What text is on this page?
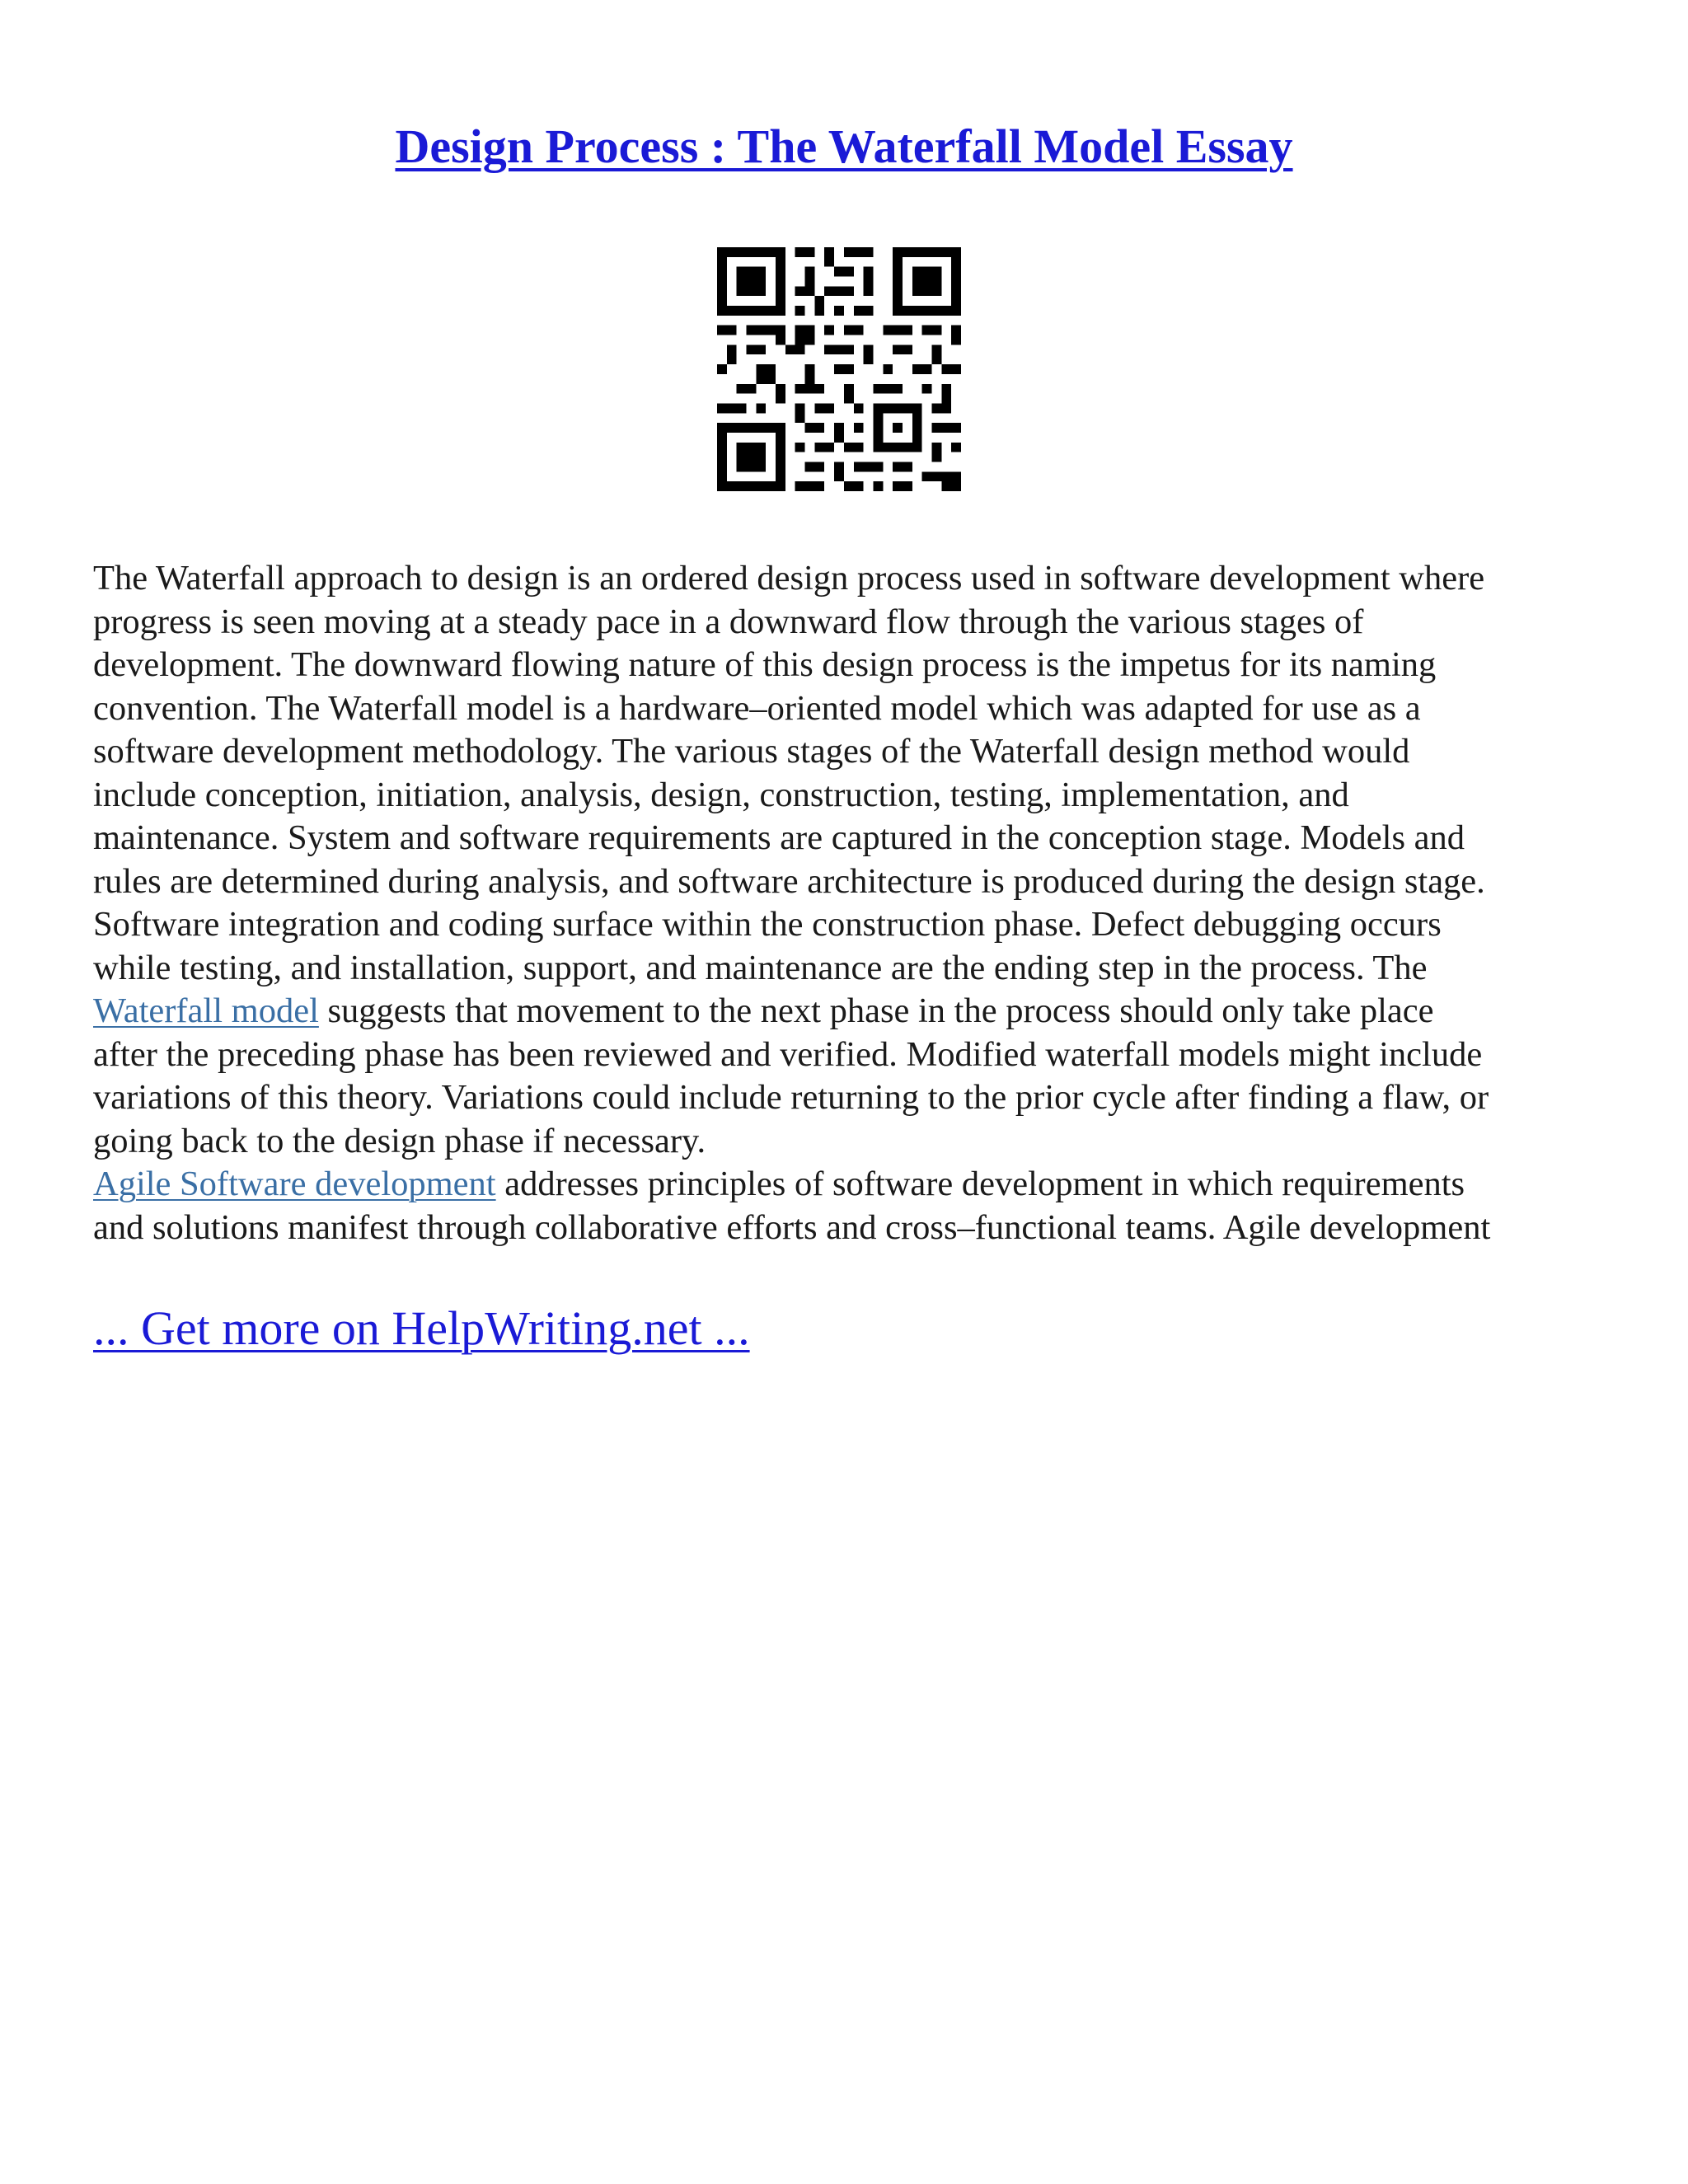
Design Process : The Waterfall Model Essay

The Waterfall approach to design is an ordered design process used in software development where
progress is seen moving at a steady pace in a downward flow through the various stages of
development. The downward flowing nature of this design process is the impetus for its naming
convention. The Waterfall model is a hardware–oriented model which was adapted for use as a
software development methodology. The various stages of the Waterfall design method would
include conception, initiation, analysis, design, construction, testing, implementation, and
maintenance. System and software requirements are captured in the conception stage. Models and
rules are determined during analysis, and software architecture is produced during the design stage.
Software integration and coding surface within the construction phase. Defect debugging occurs
while testing, and installation, support, and maintenance are the ending step in the process. The
Waterfall model suggests that movement to the next phase in the process should only take place
after the preceding phase has been reviewed and verified. Modified waterfall models might include
variations of this theory. Variations could include returning to the prior cycle after finding a flaw, or
going back to the design phase if necessary.
Agile Software development addresses principles of software development in which requirements
and solutions manifest through collaborative efforts and cross–functional teams. Agile development

... Get more on HelpWriting.net ...
